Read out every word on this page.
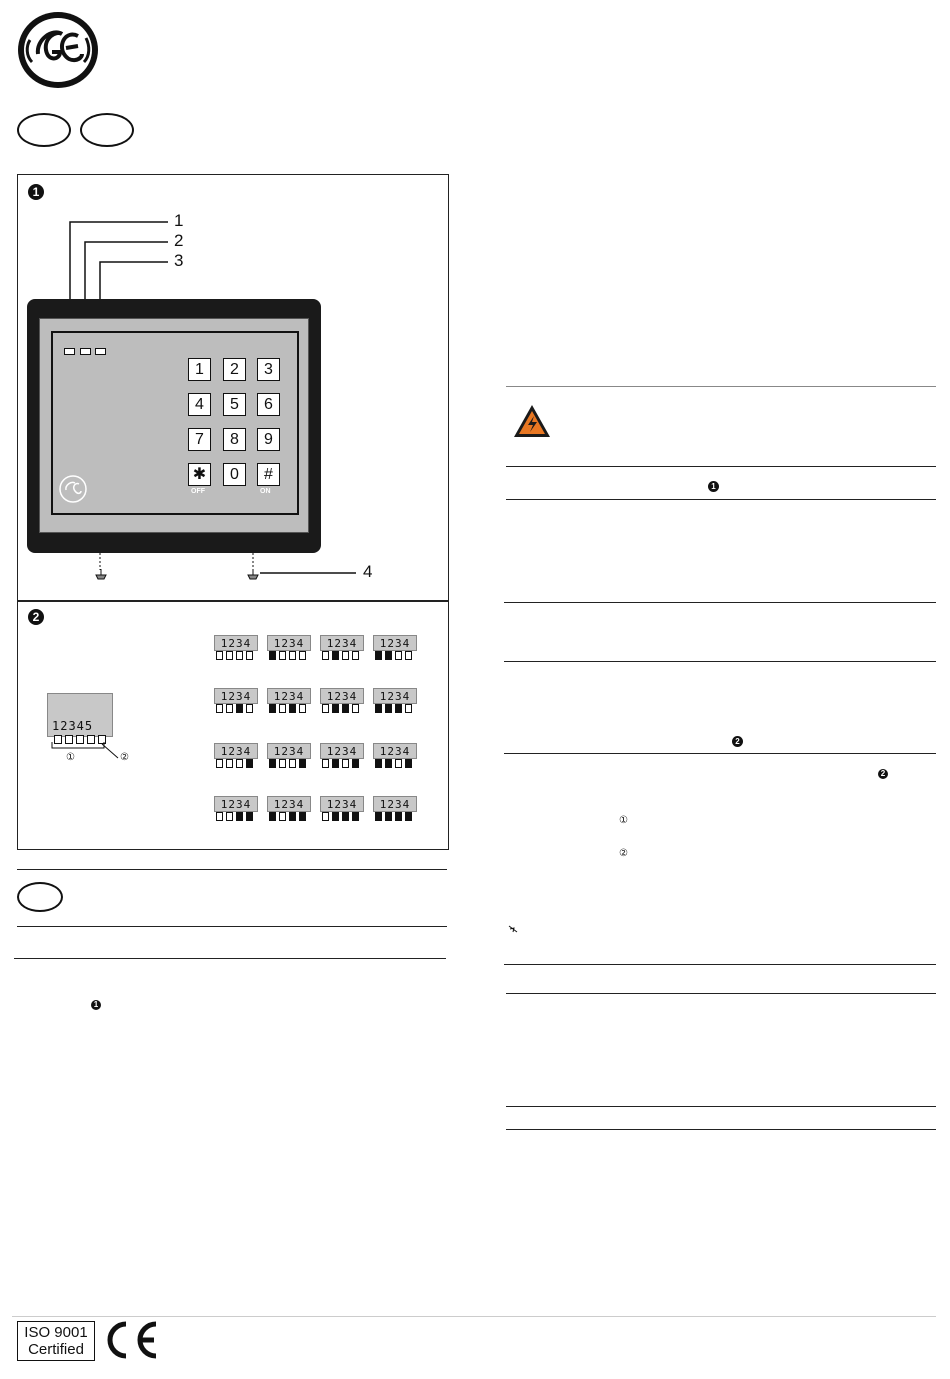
1
1
2
3
4
1	2	3
4	5	6
7	8	9
✱
OFF
0	#
ON
2
12345
①	②
1234	1234	1234	1234
1234	1234	1234	1234
1234	1234	1234	1234
1234	1234	1234	1234
1
1
2
2
①
②
ISO 9001
Certified
